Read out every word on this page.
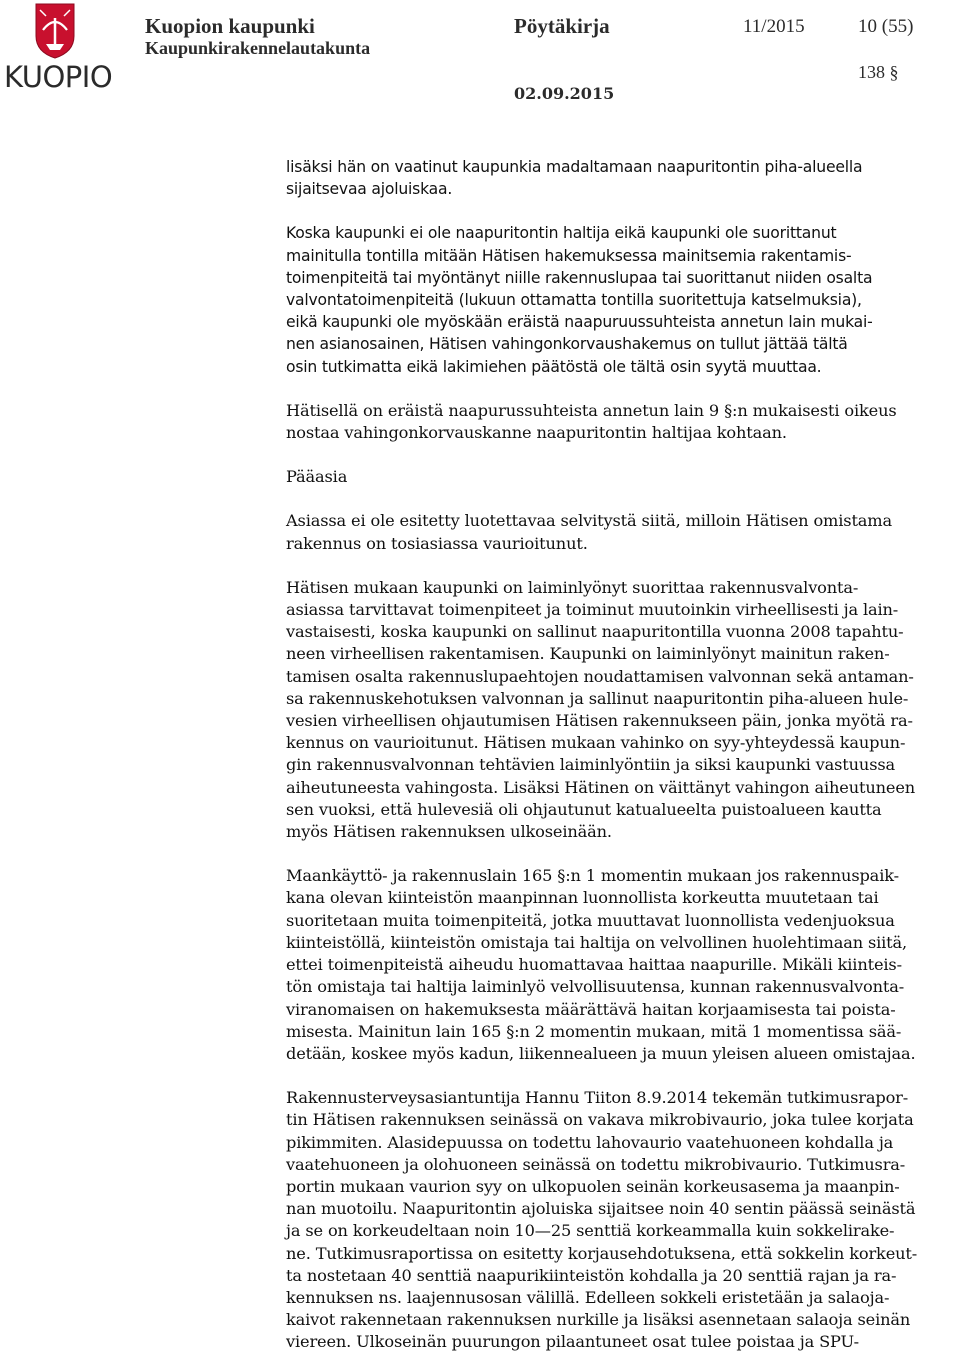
KUOPIO
Kuopion kaupunki
Kaupunkirakennelautakunta
Pöytäkirja	11/2015	10 (55)
138 §
02.09.2015

lisäksi hän on vaatinut kaupunkia madaltamaan naapuritontin piha-alueella
sijaitsevaa ajoluiskaa.

Koska kaupunki ei ole naapuritontin haltija eikä kaupunki ole suorittanut
mainitulla tontilla mitään Hätisen hakemuksessa mainitsemia rakentamis-
toimenpiteitä tai myöntänyt niille rakennuslupaa tai suorittanut niiden osalta
valvontatoimenpiteitä (lukuun ottamatta tontilla suoritettuja katselmuksia),
eikä kaupunki ole myöskään eräistä naapuruussuhteista annetun lain mukai-
nen asianosainen, Hätisen vahingonkorvaushakemus on tullut jättää tältä
osin tutkimatta eikä lakimiehen päätöstä ole tältä osin syytä muuttaa.

Hätisellä on eräistä naapurussuhteista annetun lain 9 §:n mukaisesti oikeus
nostaa vahingonkorvauskanne naapuritontin haltijaa kohtaan.

Pääasia

Asiassa ei ole esitetty luotettavaa selvitystä siitä, milloin Hätisen omistama
rakennus on tosiasiassa vaurioitunut.

Hätisen mukaan kaupunki on laiminlyönyt suorittaa rakennusvalvonta-
asiassa tarvittavat toimenpiteet ja toiminut muutoinkin virheellisesti ja lain-
vastaisesti, koska kaupunki on sallinut naapuritontilla vuonna 2008 tapahtu-
neen virheellisen rakentamisen. Kaupunki on laiminlyönyt mainitun raken-
tamisen osalta rakennuslupaehtojen noudattamisen valvonnan sekä antaman-
sa rakennuskehotuksen valvonnan ja sallinut naapuritontin piha-alueen hule-
vesien virheellisen ohjautumisen Hätisen rakennukseen päin, jonka myötä ra-
kennus on vaurioitunut. Hätisen mukaan vahinko on syy-yhteydessä kaupun-
gin rakennusvalvonnan tehtävien laiminlyöntiin ja siksi kaupunki vastuussa
aiheutuneesta vahingosta. Lisäksi Hätinen on väittänyt vahingon aiheutuneen
sen vuoksi, että hulevesiä oli ohjautunut katualueelta puistoalueen kautta
myös Hätisen rakennuksen ulkoseinään.

Maankäyttö- ja rakennuslain 165 §:n 1 momentin mukaan jos rakennuspaik-
kana olevan kiinteistön maanpinnan luonnollista korkeutta muutetaan tai
suoritetaan muita toimenpiteitä, jotka muuttavat luonnollista vedenjuoksua
kiinteistöllä, kiinteistön omistaja tai haltija on velvollinen huolehtimaan siitä,
ettei toimenpiteistä aiheudu huomattavaa haittaa naapurille. Mikäli kiinteis-
tön omistaja tai haltija laiminlyö velvollisuutensa, kunnan rakennusvalvonta-
viranomaisen on hakemuksesta määrättävä haitan korjaamisesta tai poista-
misesta. Mainitun lain 165 §:n 2 momentin mukaan, mitä 1 momentissa sää-
detään, koskee myös kadun, liikennealueen ja muun yleisen alueen omistajaa.

Rakennusterveysasiantuntija Hannu Tiiton 8.9.2014 tekemän tutkimusrapor-
tin Hätisen rakennuksen seinässä on vakava mikrobivaurio, joka tulee korjata
pikimmiten. Alasidepuussa on todettu lahovaurio vaatehuoneen kohdalla ja
vaatehuoneen ja olohuoneen seinässä on todettu mikrobivaurio. Tutkimusra-
portin mukaan vaurion syy on ulkopuolen seinän korkeusasema ja maanpin-
nan muotoilu. Naapuritontin ajoluiska sijaitsee noin 40 sentin päässä seinästä
ja se on korkeudeltaan noin 10—25 senttiä korkeammalla kuin sokkelirake-
ne. Tutkimusraportissa on esitetty korjausehdotuksena, että sokkelin korkeut-
ta nostetaan 40 senttiä naapurikiinteistön kohdalla ja 20 senttiä rajan ja ra-
kennuksen ns. laajennusosan välillä. Edelleen sokkeli eristetään ja salaoja-
kaivot rakennetaan rakennuksen nurkille ja lisäksi asennetaan salaoja seinän
viereen. Ulkoseinän puurungon pilaantuneet osat tulee poistaa ja SPU-
